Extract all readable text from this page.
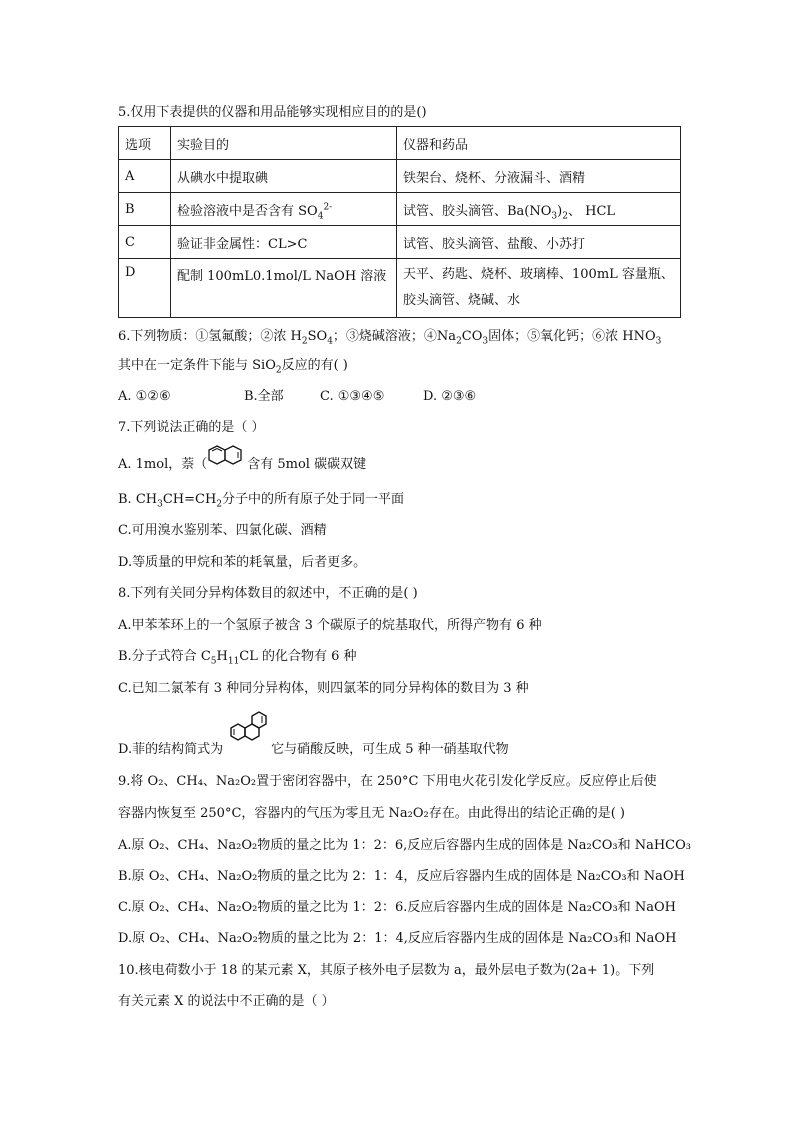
5.仅用下表提供的仪器和用品能够实现相应目的的是()
选项	实验目的	仪器和药品
A	从碘水中提取碘	铁架台、烧杯、分液漏斗、酒精
B	检验溶液中是否含有 $SO_4^{2-}$	试管、胶头滴管、$Ba(NO_3)_2$、 HCL
C	验证非金属性：CL>C	试管、胶头滴管、盐酸、小苏打
D	配制 100mL0.1mol/L NaOH 溶液	天平、药匙、烧杯、玻璃棒、100mL 容量瓶、
胶头滴管、烧碱、水
6.下列物质：①氢氟酸；②浓 $H_2SO_4$；③烧碱溶液；$④Na_2CO_3$固体；⑤氧化钙；⑥浓 $HNO_3$
其中在一定条件下能与 SiO$_2$反应的有( )
A. ①②⑥	B.全部	C. ①③④⑤	D. ②③⑥
7.下列说法正确的是（ ）
A. 1mol，萘（	含有 5mol 碳碳双键
B. $CH_3CH=CH_2$分子中的所有原子处于同一平面
C.可用溴水鉴别苯、四氯化碳、酒精
D.等质量的甲烷和苯的耗氧量，后者更多。
8.下列有关同分异构体数目的叙述中，不正确的是( )
A.甲苯苯环上的一个氢原子被含 3 个碳原子的烷基取代，所得产物有 6 种
B.分子式符合 $C_5H_{11}CL$ 的化合物有 6 种
C.已知二氯苯有 3 种同分异构体，则四氯苯的同分异构体的数目为 3 种
D.菲的结构简式为	它与硝酸反映，可生成 5 种一硝基取代物
9.将 O₂、CH₄、Na₂O₂置于密闭容器中，在 250°C 下用电火花引发化学反应。反应停止后使
容器内恢复至 250°C，容器内的气压为零且无 Na₂O₂存在。由此得出的结论正确的是( )
A.原 O₂、CH₄、Na₂O₂物质的量之比为 1：2：6,反应后容器内生成的固体是 Na₂CO₃和 NaHCO₃
B.原 O₂、CH₄、Na₂O₂物质的量之比为 2：1：4，反应后容器内生成的固体是 Na₂CO₃和 NaOH
C.原 O₂、CH₄、Na₂O₂物质的量之比为 1：2：6.反应后容器内生成的固体是 Na₂CO₃和 NaOH
D.原 O₂、CH₄、Na₂O₂物质的量之比为 2：1：4,反应后容器内生成的固体是 Na₂CO₃和 NaOH
10.核电荷数小于 18 的某元素 X，其原子核外电子层数为 a，最外层电子数为(2a+ 1)。下列
有关元素 X 的说法中不正确的是（ ）
